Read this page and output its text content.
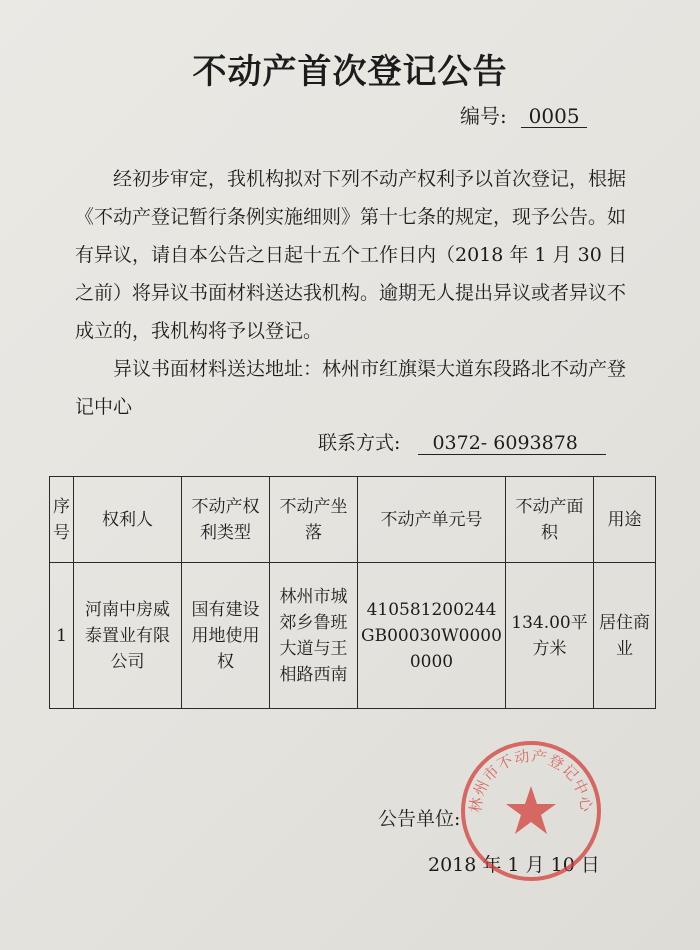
不动产首次登记公告
编号: 0005

经初步审定，我机构拟对下列不动产权利予以首次登记，根据《不动产登记暂行条例实施细则》第十七条的规定，现予公告。如有异议，请自本公告之日起十五个工作日内（2018 年 1 月 30 日之前）将异议书面材料送达我机构。逾期无人提出异议或者异议不成立的，我机构将予以登记。

异议书面材料送达地址：林州市红旗渠大道东段路北不动产登记中心

联系方式: 0372- 6093878
序号	权利人	不动产权利类型	不动产坐落	不动产单元号	不动产面积	用途
1	河南中房威泰置业有限公司	国有建设用地使用权	林州市城郊乡鲁班大道与王相路西南	410581200244GB00030W00000000	134.00平方米	居住商业
公告单位:
2018 年 1 月 10 日
林州市不动产登记中心
